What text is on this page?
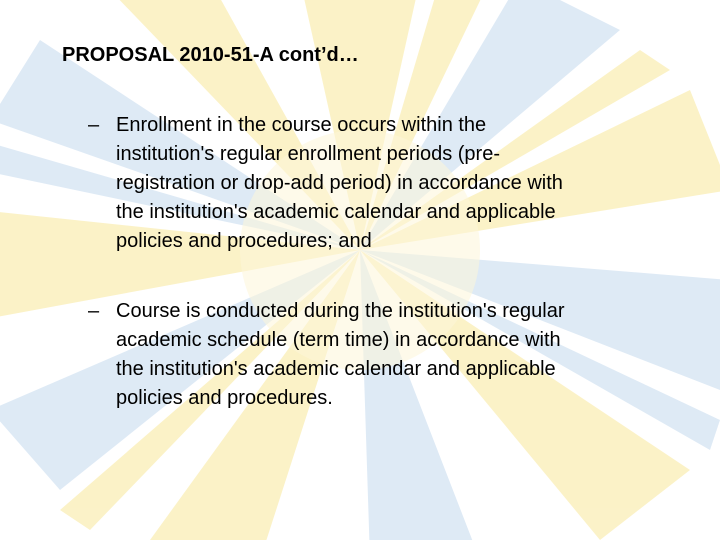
PROPOSAL 2010-51-A cont’d…
– Enrollment in the course occurs within the
institution's regular enrollment periods (pre-
registration or drop-add period) in accordance with
the institution's academic calendar and applicable
policies and procedures; and
– Course is conducted during the institution's regular
academic schedule (term time) in accordance with
the institution's academic calendar and applicable
policies and procedures.
